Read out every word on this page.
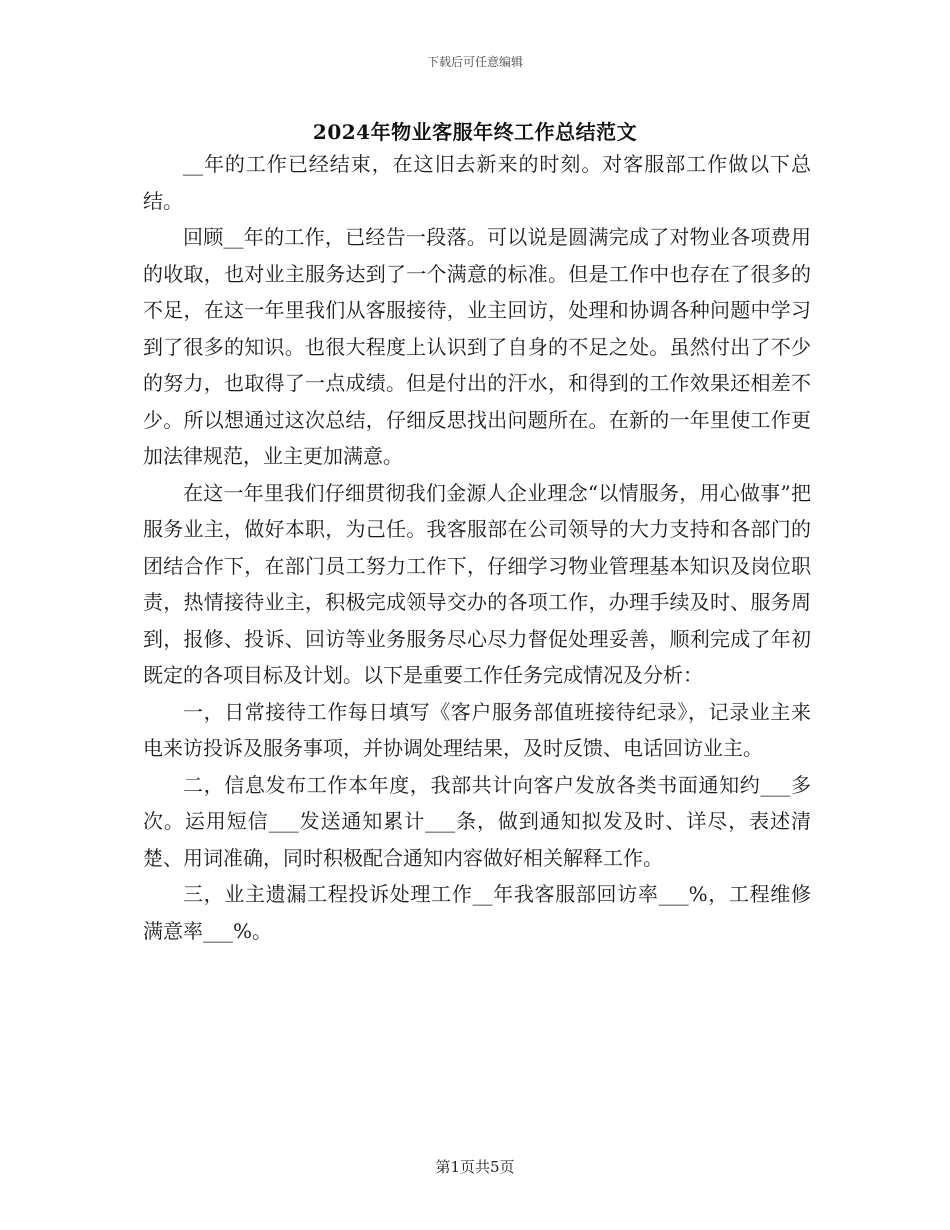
下载后可任意编辑
2024年物业客服年终工作总结范文

__年的工作已经结束，在这旧去新来的时刻。对客服部工作做以下总结。

回顾__年的工作，已经告一段落。可以说是圆满完成了对物业各项费用的收取，也对业主服务达到了一个满意的标准。但是工作中也存在了很多的不足，在这一年里我们从客服接待，业主回访，处理和协调各种问题中学习到了很多的知识。也很大程度上认识到了自身的不足之处。虽然付出了不少的努力，也取得了一点成绩。但是付出的汗水，和得到的工作效果还相差不少。所以想通过这次总结，仔细反思找出问题所在。在新的一年里使工作更加法律规范，业主更加满意。

在这一年里我们仔细贯彻我们金源人企业理念“以情服务，用心做事”把服务业主，做好本职，为己任。我客服部在公司领导的大力支持和各部门的团结合作下，在部门员工努力工作下，仔细学习物业管理基本知识及岗位职责，热情接待业主，积极完成领导交办的各项工作，办理手续及时、服务周到，报修、投诉、回访等业务服务尽心尽力督促处理妥善，顺利完成了年初既定的各项目标及计划。以下是重要工作任务完成情况及分析：

一，日常接待工作每日填写《客户服务部值班接待纪录》，记录业主来电来访投诉及服务事项，并协调处理结果，及时反馈、电话回访业主。

二，信息发布工作本年度，我部共计向客户发放各类书面通知约___多次。运用短信___发送通知累计___条，做到通知拟发及时、详尽，表述清楚、用词准确，同时积极配合通知内容做好相关解释工作。

三，业主遗漏工程投诉处理工作__年我客服部回访率___%，工程维修满意率___%。

第1页共5页
